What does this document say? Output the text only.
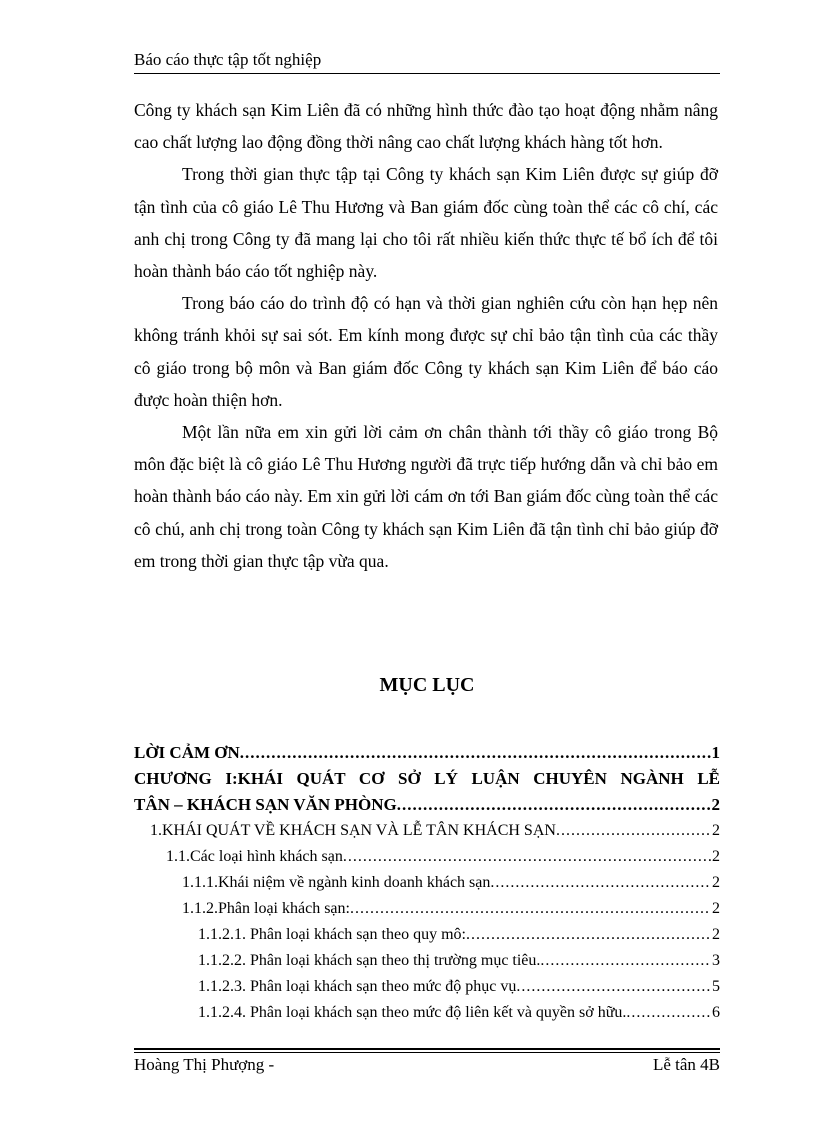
Báo cáo thực tập tốt nghiệp

Công ty khách sạn Kim Liên đã có những hình thức đào tạo hoạt động nhằm nâng cao chất lượng lao động đồng thời nâng cao chất lượng khách hàng tốt hơn.

Trong thời gian thực tập tại Công ty khách sạn Kim Liên được sự giúp đỡ tận tình của cô giáo Lê Thu Hương và Ban giám đốc cùng toàn thể các cô chí, các anh chị trong Công ty đã mang lại cho tôi rất nhiều kiến thức thực tế bổ ích để tôi hoàn thành báo cáo tốt nghiệp này.

Trong báo cáo do trình độ có hạn và thời gian nghiên cứu còn hạn hẹp nên không tránh khỏi sự sai sót. Em kính mong được sự chỉ bảo tận tình của các thầy cô giáo trong bộ môn và Ban giám đốc Công ty khách sạn Kim Liên để báo cáo được hoàn thiện hơn.

Một lần nữa em xin gửi lời cảm ơn chân thành tới thầy cô giáo trong Bộ môn đặc biệt là cô giáo Lê Thu Hương người đã trực tiếp hướng dẫn và chỉ bảo em hoàn thành báo cáo này. Em xin gửi lời cám ơn tới Ban giám đốc cùng toàn thể các cô chú, anh chị trong toàn Công ty khách sạn Kim Liên đã tận tình chỉ bảo giúp đỡ em trong thời gian thực tập vừa qua.

MỤC LỤC
LỜI CẢM ƠN .....	1
CHƯƠNG I:KHÁI QUÁT CƠ SỞ LÝ LUẬN CHUYÊN NGÀNH LỄ
TÂN – KHÁCH SẠN VĂN PHÒNG .....	2
1.KHÁI QUÁT VỀ KHÁCH SẠN VÀ LỄ TÂN KHÁCH SẠN .....	2
1.1.Các loại hình khách sạn .....	2
1.1.1.Khái niệm về ngành kinh doanh khách sạn .....	2
1.1.2.Phân loại khách sạn: .....	2
1.1.2.1. Phân loại khách sạn theo quy mô: .....	2
1.1.2.2. Phân loại khách sạn theo thị trường mục tiêu. .....	3
1.1.2.3. Phân loại khách sạn theo mức độ phục vụ .....	5
1.1.2.4. Phân loại khách sạn theo mức độ liên kết và quyền sở hữu. .....	6
Hoàng Thị Phượng -	Lễ tân 4B
